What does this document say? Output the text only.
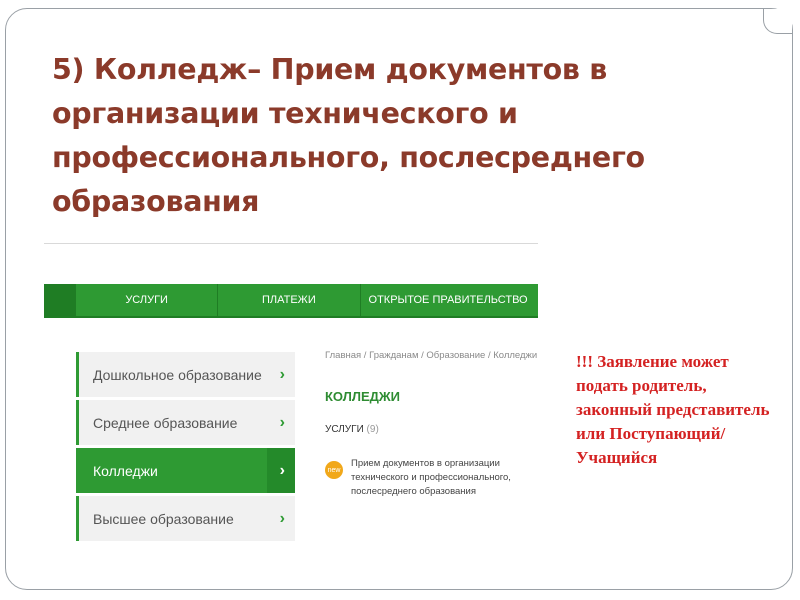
5) Колледж– Прием документов в организации технического и профессионального, послесреднего образования
УСЛУГИ	ПЛАТЕЖИ	ОТКРЫТОЕ ПРАВИТЕЛЬСТВО
Дошкольное образование ›
Среднее образование	›
Колледжи	›
Высшее образование	›
Главная / Гражданам / Образование / Колледжи
КОЛЛЕДЖИ
УСЛУГИ (9)
new
Прием документов в организации технического и профессионального, послесреднего образования
!!! Заявление может подать родитель, законный представитель или Поступающий/Учащийся
